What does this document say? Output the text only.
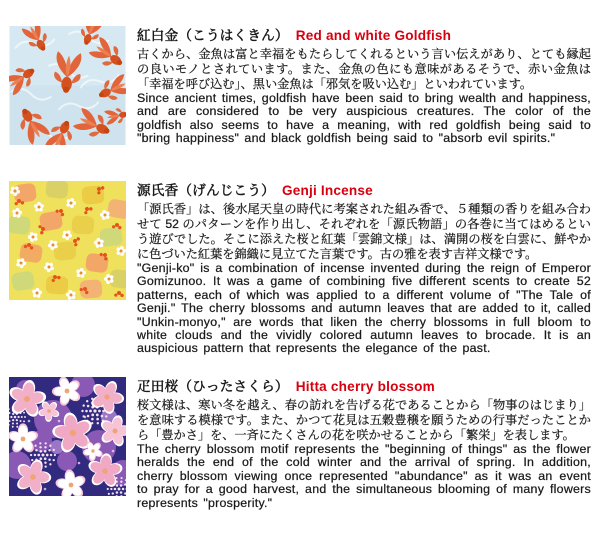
紅白金（こうはくきん） Red and white Goldfish

古くから、金魚は富と幸福をもたらしてくれるという言い伝えがあり、とても縁起の良いモノとされています。また、金魚の色にも意味があるそうで、赤い金魚は「幸福を呼び込む」、黒い金魚は「邪気を吸い込む」といわれています。

Since ancient times, goldfish have been said to bring wealth and happiness, and are considered to be very auspicious creatures. The color of the goldfish also seems to have a meaning, with red goldfish being said to "bring happiness" and black goldfish being said to "absorb evil spirits."

源氏香（げんじこう） Genji Incense

「源氏香」は、後水尾天皇の時代に考案された組み香で、５種類の香りを組み合わせて 52 のパターンを作り出し、それぞれを「源氏物語」の各巻に当てはめるという遊びでした。そこに添えた桜と紅葉「雲錦文様」は、満開の桜を白雲に、鮮やかに色づいた紅葉を錦織に見立てた言葉です。古の雅を表す吉祥文様です。

"Genji-ko" is a combination of incense invented during the reign of Emperor Gomizunoo. It was a game of combining five different scents to create 52 patterns, each of which was applied to a different volume of "The Tale of Genji." The cherry blossoms and autumn leaves that are added to it, called "Unkin-monyo," are words that liken the cherry blossoms in full bloom to white clouds and the vividly colored autumn leaves to brocade. It is an auspicious pattern that represents the elegance of the past.

疋田桜（ひったさくら） Hitta cherry blossom

桜文様は、寒い冬を越え、春の訪れを告げる花であることから「物事のはじまり」を意味する模様です。また、かつて花見は五穀豊穣を願うための行事だったことから「豊かさ」を、一斉にたくさんの花を咲かせることから「繁栄」を表します。

The cherry blossom motif represents the "beginning of things" as the flower heralds the end of the cold winter and the arrival of spring. In addition, cherry blossom viewing once represented "abundance" as it was an event to pray for a good harvest, and the simultaneous blooming of many flowers represents "prosperity."
